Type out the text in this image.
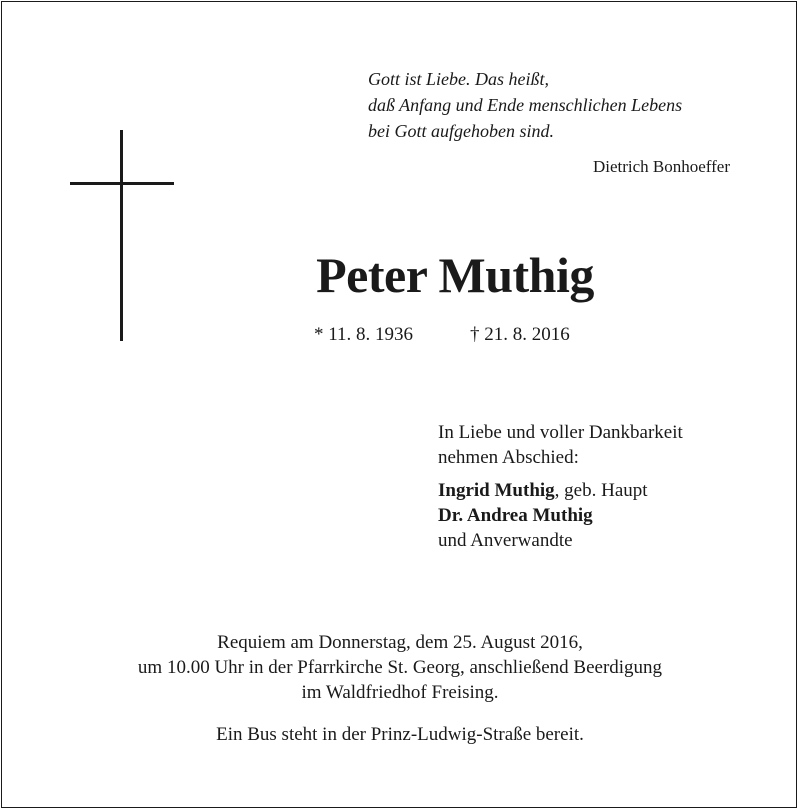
Gott ist Liebe. Das heißt,
daß Anfang und Ende menschlichen Lebens
bei Gott aufgehoben sind.
Dietrich Bonhoeffer
Peter Muthig
* 11. 8. 1936	† 21. 8. 2016
In Liebe und voller Dankbarkeit
nehmen Abschied:
Ingrid Muthig, geb. Haupt
Dr. Andrea Muthig
und Anverwandte
Requiem am Donnerstag, dem 25. August 2016,
um 10.00 Uhr in der Pfarrkirche St. Georg, anschließend Beerdigung
im Waldfriedhof Freising.
Ein Bus steht in der Prinz-Ludwig-Straße bereit.
